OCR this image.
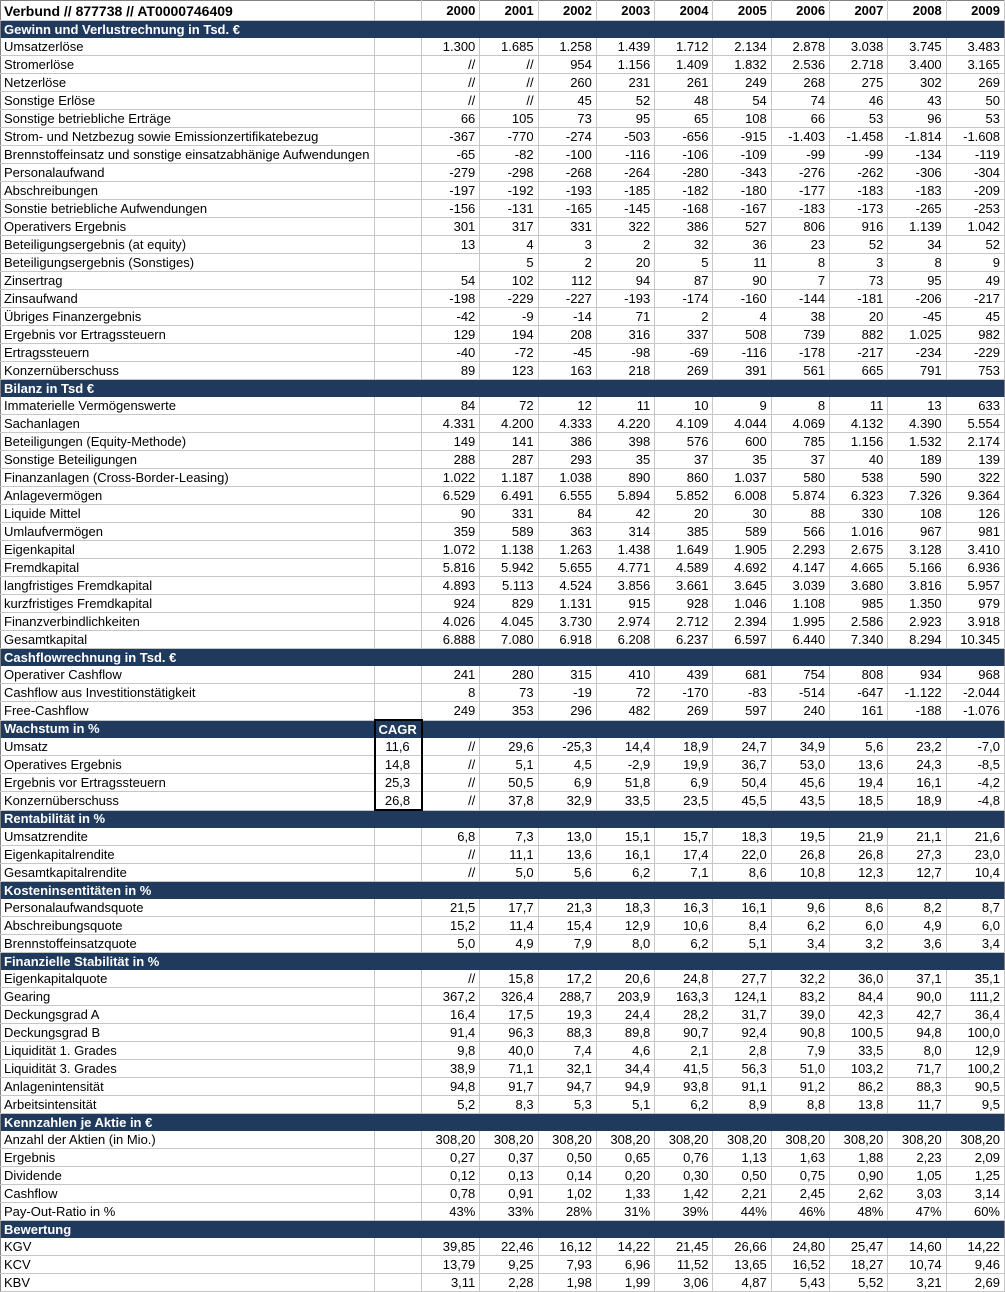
Verbund // 877738 // AT0000746409		2000	2001	2002	2003	2004	2005	2006	2007	2008	2009
Gewinn und Verlustrechnung in Tsd. €											
Umsatzerlöse		1.300	1.685	1.258	1.439	1.712	2.134	2.878	3.038	3.745	3.483
Stromerlöse		//	//	954	1.156	1.409	1.832	2.536	2.718	3.400	3.165
Netzerlöse		//	//	260	231	261	249	268	275	302	269
Sonstige Erlöse		//	//	45	52	48	54	74	46	43	50
Sonstige betriebliche Erträge		66	105	73	95	65	108	66	53	96	53
Strom- und Netzbezug sowie Emissionzertifikatebezug		-367	-770	-274	-503	-656	-915	-1.403	-1.458	-1.814	-1.608
Brennstoffeinsatz und sonstige einsatzabhänige Aufwendungen		-65	-82	-100	-116	-106	-109	-99	-99	-134	-119
Personalaufwand		-279	-298	-268	-264	-280	-343	-276	-262	-306	-304
Abschreibungen		-197	-192	-193	-185	-182	-180	-177	-183	-183	-209
Sonstie betriebliche Aufwendungen		-156	-131	-165	-145	-168	-167	-183	-173	-265	-253
Operativers Ergebnis		301	317	331	322	386	527	806	916	1.139	1.042
Beteiligungsergebnis (at equity)		13	4	3	2	32	36	23	52	34	52
Beteiligungsergebnis (Sonstiges)			5	2	20	5	11	8	3	8	9
Zinsertrag		54	102	112	94	87	90	7	73	95	49
Zinsaufwand		-198	-229	-227	-193	-174	-160	-144	-181	-206	-217
Übriges Finanzergebnis		-42	-9	-14	71	2	4	38	20	-45	45
Ergebnis vor Ertragssteuern		129	194	208	316	337	508	739	882	1.025	982
Ertragssteuern		-40	-72	-45	-98	-69	-116	-178	-217	-234	-229
Konzernüberschuss		89	123	163	218	269	391	561	665	791	753
Bilanz in Tsd €											
Immaterielle Vermögenswerte		84	72	12	11	10	9	8	11	13	633
Sachanlagen		4.331	4.200	4.333	4.220	4.109	4.044	4.069	4.132	4.390	5.554
Beteiligungen (Equity-Methode)		149	141	386	398	576	600	785	1.156	1.532	2.174
Sonstige Beteiligungen		288	287	293	35	37	35	37	40	189	139
Finanzanlagen (Cross-Border-Leasing)		1.022	1.187	1.038	890	860	1.037	580	538	590	322
Anlagevermögen		6.529	6.491	6.555	5.894	5.852	6.008	5.874	6.323	7.326	9.364
Liquide Mittel		90	331	84	42	20	30	88	330	108	126
Umlaufvermögen		359	589	363	314	385	589	566	1.016	967	981
Eigenkapital		1.072	1.138	1.263	1.438	1.649	1.905	2.293	2.675	3.128	3.410
Fremdkapital		5.816	5.942	5.655	4.771	4.589	4.692	4.147	4.665	5.166	6.936
langfristiges Fremdkapital		4.893	5.113	4.524	3.856	3.661	3.645	3.039	3.680	3.816	5.957
kurzfristiges Fremdkapital		924	829	1.131	915	928	1.046	1.108	985	1.350	979
Finanzverbindlichkeiten		4.026	4.045	3.730	2.974	2.712	2.394	1.995	2.586	2.923	3.918
Gesamtkapital		6.888	7.080	6.918	6.208	6.237	6.597	6.440	7.340	8.294	10.345
Cashflowrechnung in Tsd. €											
Operativer Cashflow		241	280	315	410	439	681	754	808	934	968
Cashflow aus Investitionstätigkeit		8	73	-19	72	-170	-83	-514	-647	-1.122	-2.044
Free-Cashflow		249	353	296	482	269	597	240	161	-188	-1.076
Wachstum in %	CAGR										
Umsatz	11,6	//	29,6	-25,3	14,4	18,9	24,7	34,9	5,6	23,2	-7,0
Operatives Ergebnis	14,8	//	5,1	4,5	-2,9	19,9	36,7	53,0	13,6	24,3	-8,5
Ergebnis vor Ertragssteuern	25,3	//	50,5	6,9	51,8	6,9	50,4	45,6	19,4	16,1	-4,2
Konzernüberschuss	26,8	//	37,8	32,9	33,5	23,5	45,5	43,5	18,5	18,9	-4,8
Rentabilität in %											
Umsatzrendite		6,8	7,3	13,0	15,1	15,7	18,3	19,5	21,9	21,1	21,6
Eigenkapitalrendite		//	11,1	13,6	16,1	17,4	22,0	26,8	26,8	27,3	23,0
Gesamtkapitalrendite		//	5,0	5,6	6,2	7,1	8,6	10,8	12,3	12,7	10,4
Kosteninsentitäten in %											
Personalaufwandsquote		21,5	17,7	21,3	18,3	16,3	16,1	9,6	8,6	8,2	8,7
Abschreibungsquote		15,2	11,4	15,4	12,9	10,6	8,4	6,2	6,0	4,9	6,0
Brennstoffeinsatzquote		5,0	4,9	7,9	8,0	6,2	5,1	3,4	3,2	3,6	3,4
Finanzielle Stabilität in %											
Eigenkapitalquote		//	15,8	17,2	20,6	24,8	27,7	32,2	36,0	37,1	35,1
Gearing		367,2	326,4	288,7	203,9	163,3	124,1	83,2	84,4	90,0	111,2
Deckungsgrad A		16,4	17,5	19,3	24,4	28,2	31,7	39,0	42,3	42,7	36,4
Deckungsgrad B		91,4	96,3	88,3	89,8	90,7	92,4	90,8	100,5	94,8	100,0
Liquidität 1. Grades		9,8	40,0	7,4	4,6	2,1	2,8	7,9	33,5	8,0	12,9
Liquidität 3. Grades		38,9	71,1	32,1	34,4	41,5	56,3	51,0	103,2	71,7	100,2
Anlagenintensität		94,8	91,7	94,7	94,9	93,8	91,1	91,2	86,2	88,3	90,5
Arbeitsintensität		5,2	8,3	5,3	5,1	6,2	8,9	8,8	13,8	11,7	9,5
Kennzahlen je Aktie in €											
Anzahl der Aktien (in Mio.)		308,20	308,20	308,20	308,20	308,20	308,20	308,20	308,20	308,20	308,20
Ergebnis		0,27	0,37	0,50	0,65	0,76	1,13	1,63	1,88	2,23	2,09
Dividende		0,12	0,13	0,14	0,20	0,30	0,50	0,75	0,90	1,05	1,25
Cashflow		0,78	0,91	1,02	1,33	1,42	2,21	2,45	2,62	3,03	3,14
Pay-Out-Ratio in %		43%	33%	28%	31%	39%	44%	46%	48%	47%	60%
Bewertung											
KGV		39,85	22,46	16,12	14,22	21,45	26,66	24,80	25,47	14,60	14,22
KCV		13,79	9,25	7,93	6,96	11,52	13,65	16,52	18,27	10,74	9,46
KBV		3,11	2,28	1,98	1,99	3,06	4,87	5,43	5,52	3,21	2,69
